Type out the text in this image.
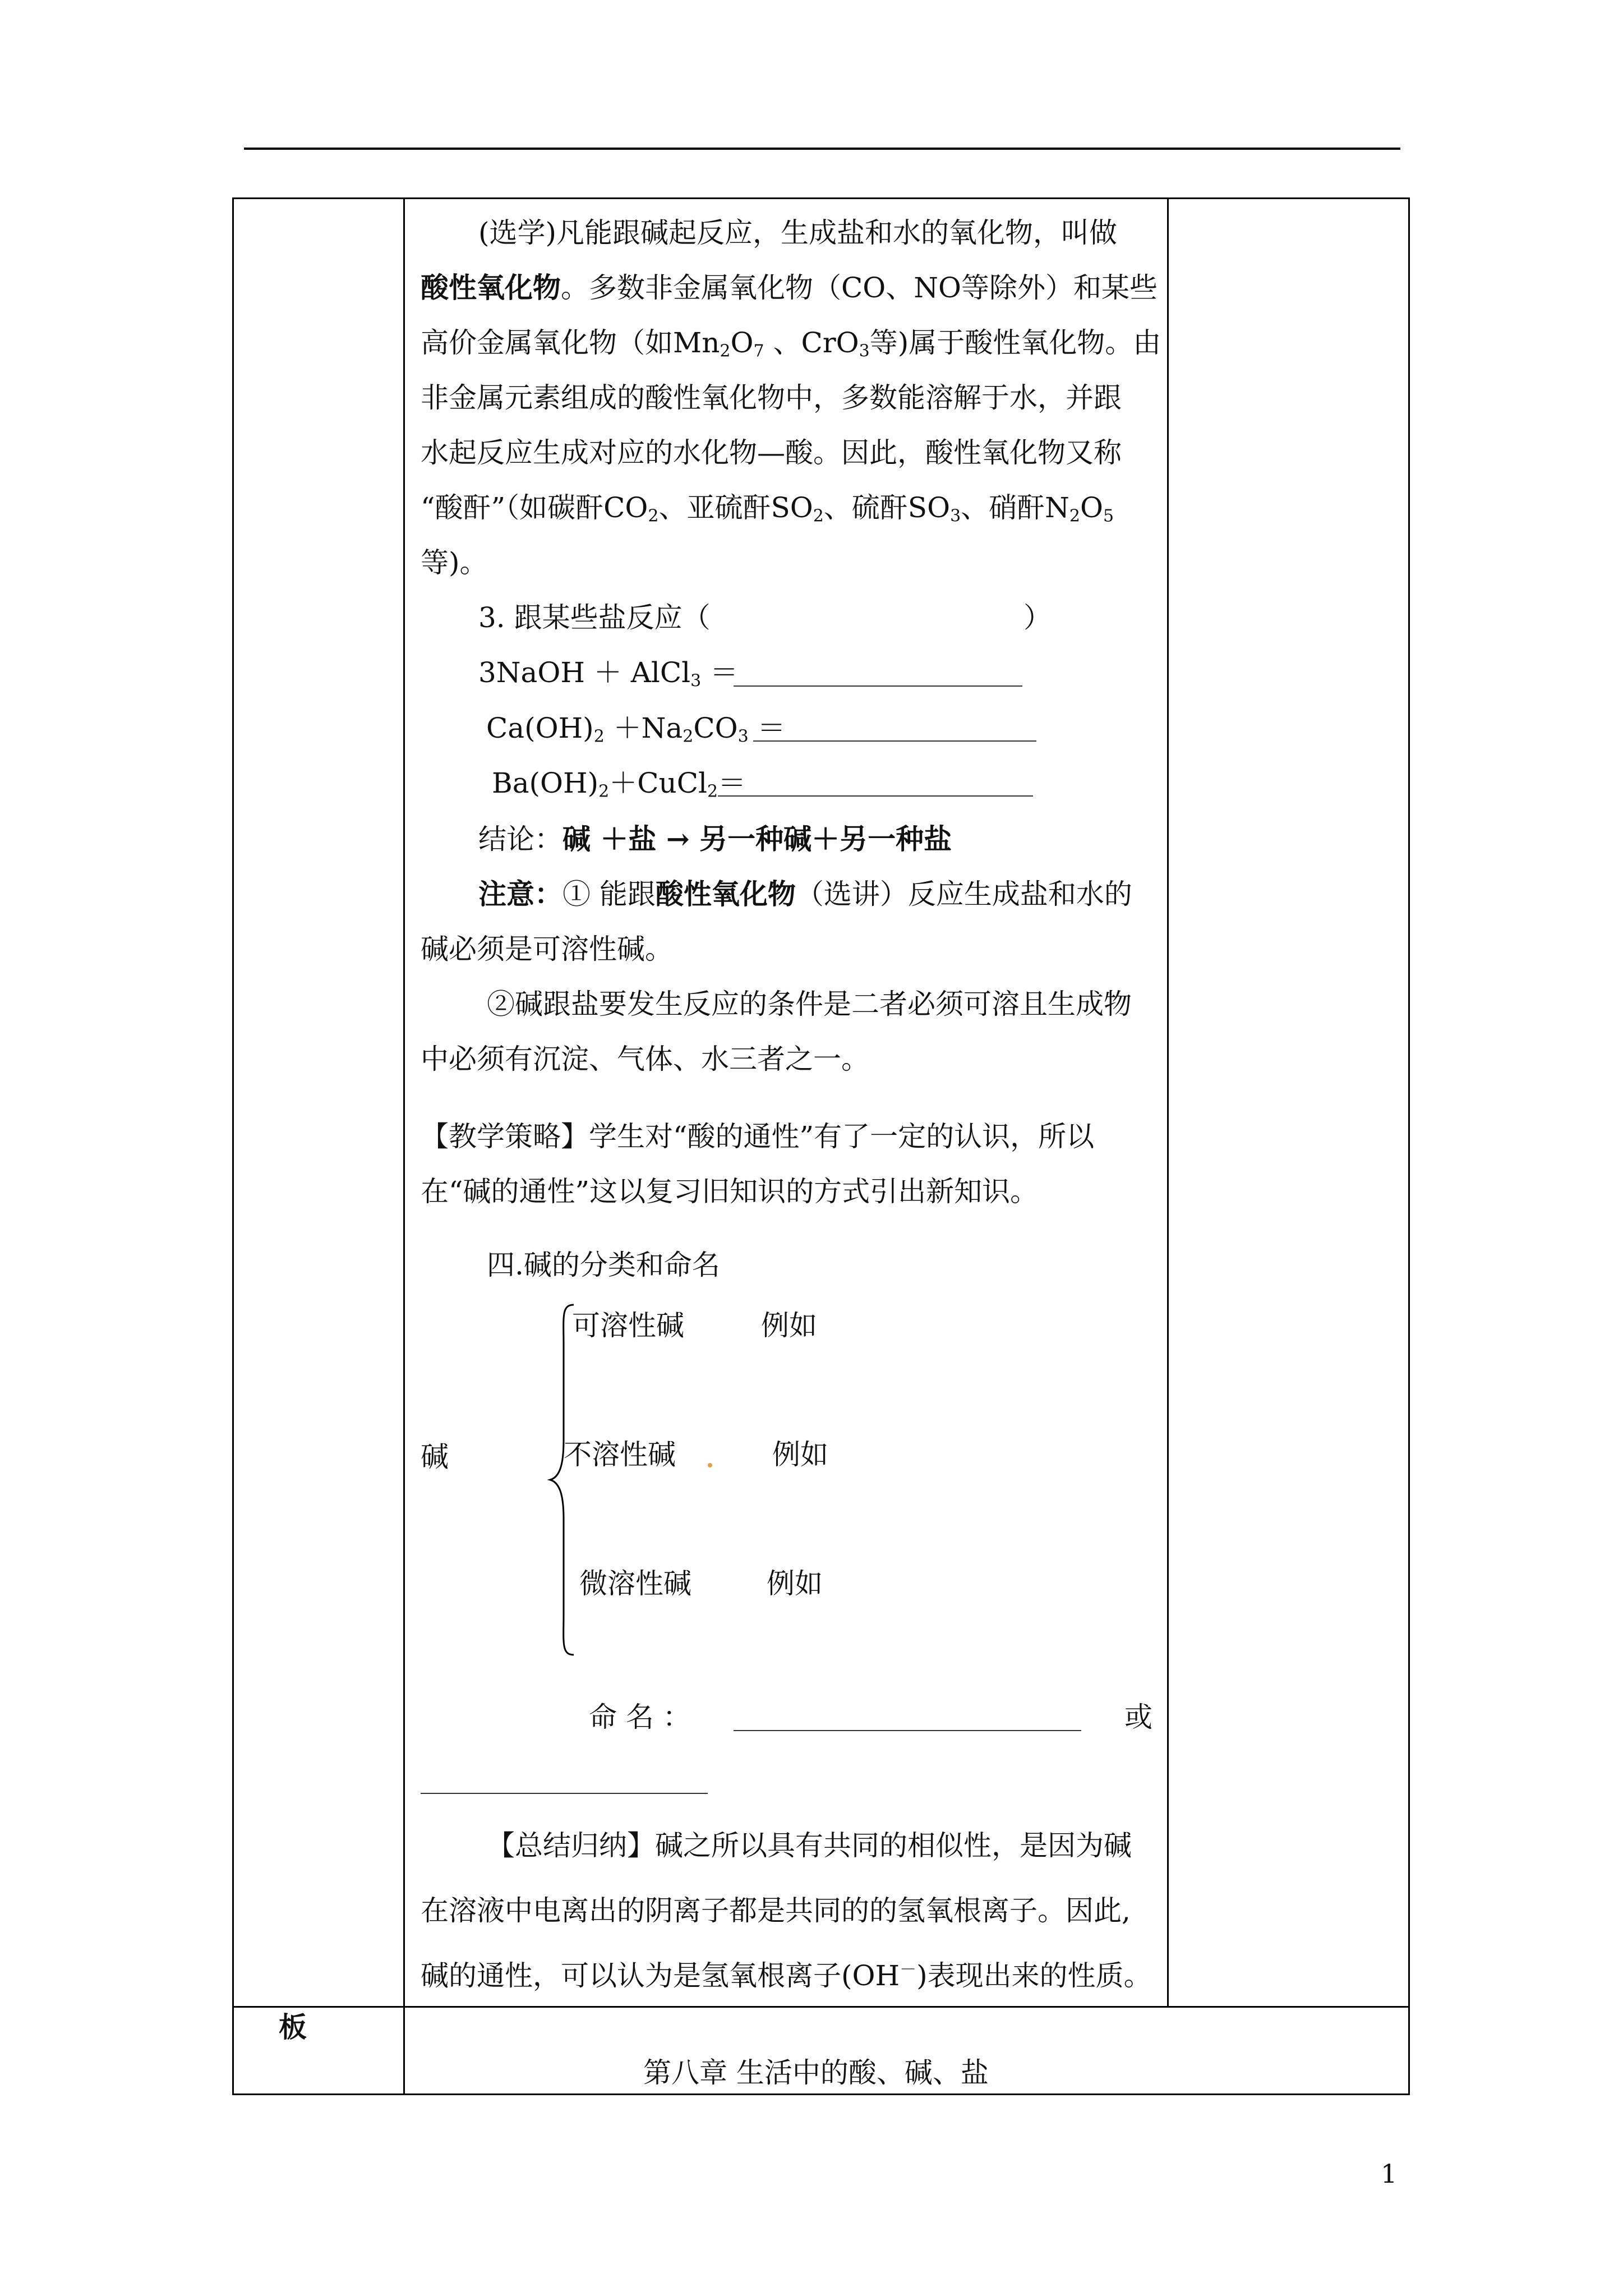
(选学)凡能跟碱起反应，生成盐和水的氧化物，叫做
酸性氧化物。多数非金属氧化物（CO、NO等除外）和某些
高价金属氧化物（如$Mn_2O_7$ 、CrO$_3$等)属于酸性氧化物。由
非金属元素组成的酸性氧化物中，多数能溶解于水，并跟
水起反应生成对应的水化物—酸。因此，酸性氧化物又称
“酸酐”（如碳酐$CO_2$、亚硫酐$SO_2$、硫酐$SO_3$、硝酐$N_2O_5$
等)。
3. 跟某些盐反应（	）
3NaOH ＋ AlCl$_3$ ＝
$Ca(OH)_2 +Na_2CO_3$ ＝
$Ba(OH)_2+CuCl_2=$
结论：碱 ＋盐 → 另一种碱＋另一种盐
注意：① 能跟酸性氧化物（选讲）反应生成盐和水的
碱必须是可溶性碱。
②碱跟盐要发生反应的条件是二者必须可溶且生成物
中必须有沉淀、气体、水三者之一。
【教学策略】学生对“酸的通性”有了一定的认识，所以
在“碱的通性”这以复习旧知识的方式引出新知识。
四.碱的分类和命名
碱
可溶性碱	例如
不溶性碱	例如
微溶性碱	例如
命 名 ：	或
【总结归纳】碱之所以具有共同的相似性，是因为碱
在溶液中电离出的阴离子都是共同的的氢氧根离子。因此,
碱的通性，可以认为是氢氧根离子(OH－)表现出来的性质。
板
第八章 生活中的酸、碱、盐
1
